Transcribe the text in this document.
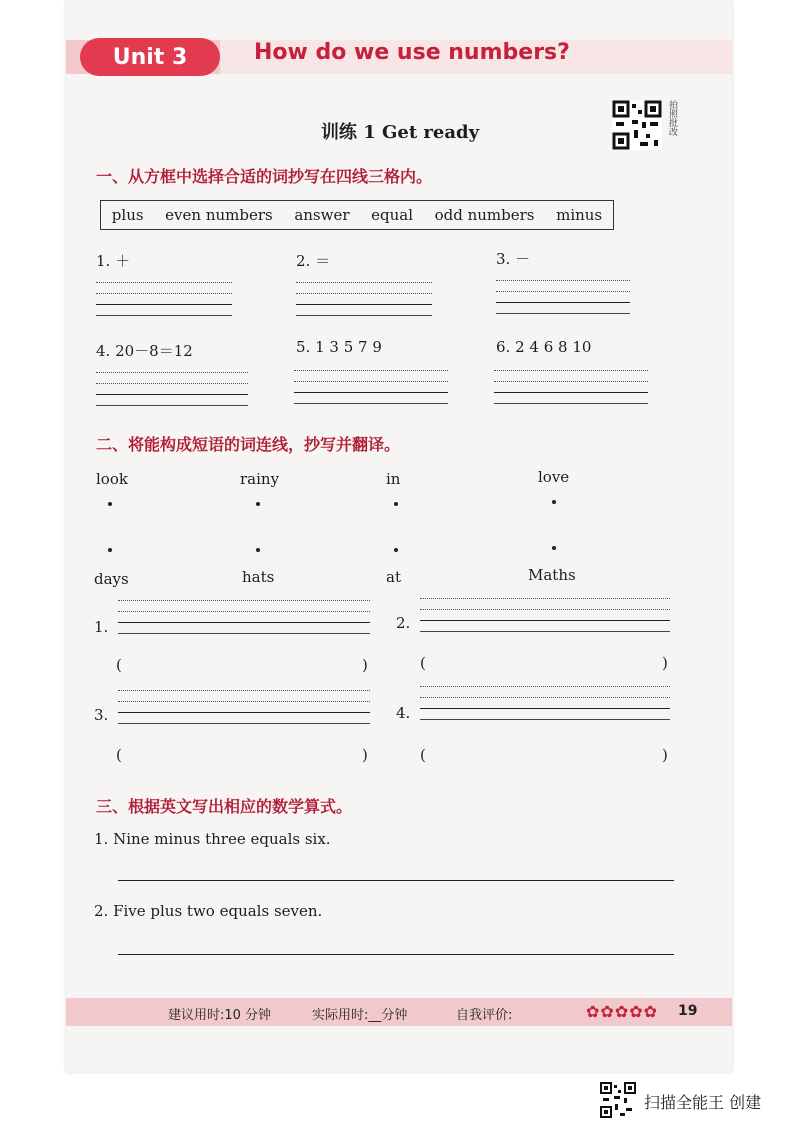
Unit 3	How do we use numbers?
拍照批改
训练 1 Get ready
一、从方框中选择合适的词抄写在四线三格内。
plus even numbers answer equal odd numbers minus
1. ＋	2. ＝	3. －
4. 20－8＝12	5. 1 3 5 7 9	6. 2 4 6 8 10
二、将能构成短语的词连线，抄写并翻译。
look	rainy	in	love
days	hats	at	Maths
1.	2.
(	)	(	)
3.	4.
(	)	(	)
三、根据英文写出相应的数学算式。
1. Nine minus three equals six.
2. Five plus two equals seven.
建议用时:10 分钟	实际用时:__分钟	自我评价:	✿✿✿✿✿ 19
扫描全能王 创建
